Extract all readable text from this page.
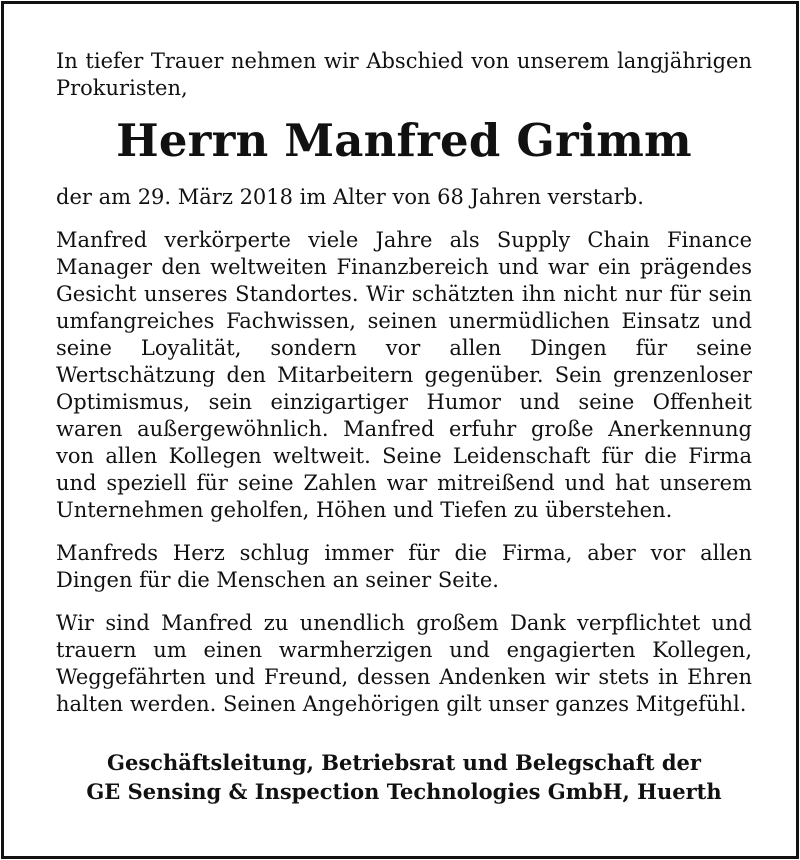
In tiefer Trauer nehmen wir Abschied von unserem langjährigen Prokuristen,

Herrn Manfred Grimm

der am 29. März 2018 im Alter von 68 Jahren verstarb.

Manfred verkörperte viele Jahre als Supply Chain Finance Manager den weltweiten Finanzbereich und war ein prägendes Gesicht unseres Standortes. Wir schätzten ihn nicht nur für sein umfangreiches Fachwissen, seinen unermüdlichen Einsatz und seine Loyalität, sondern vor allen Dingen für seine Wertschätzung den Mitarbeitern gegenüber. Sein grenzenloser Optimismus, sein einzigartiger Humor und seine Offenheit waren außergewöhnlich. Manfred erfuhr große Anerkennung von allen Kollegen weltweit. Seine Leidenschaft für die Firma und speziell für seine Zahlen war mitreißend und hat unserem Unternehmen geholfen, Höhen und Tiefen zu überstehen.

Manfreds Herz schlug immer für die Firma, aber vor allen Dingen für die Menschen an seiner Seite.

Wir sind Manfred zu unendlich großem Dank verpflichtet und trauern um einen warmherzigen und engagierten Kollegen, Weggefährten und Freund, dessen Andenken wir stets in Ehren halten werden. Seinen Angehörigen gilt unser ganzes Mitgefühl.

Geschäftsleitung, Betriebsrat und Belegschaft der
GE Sensing & Inspection Technologies GmbH, Huerth
